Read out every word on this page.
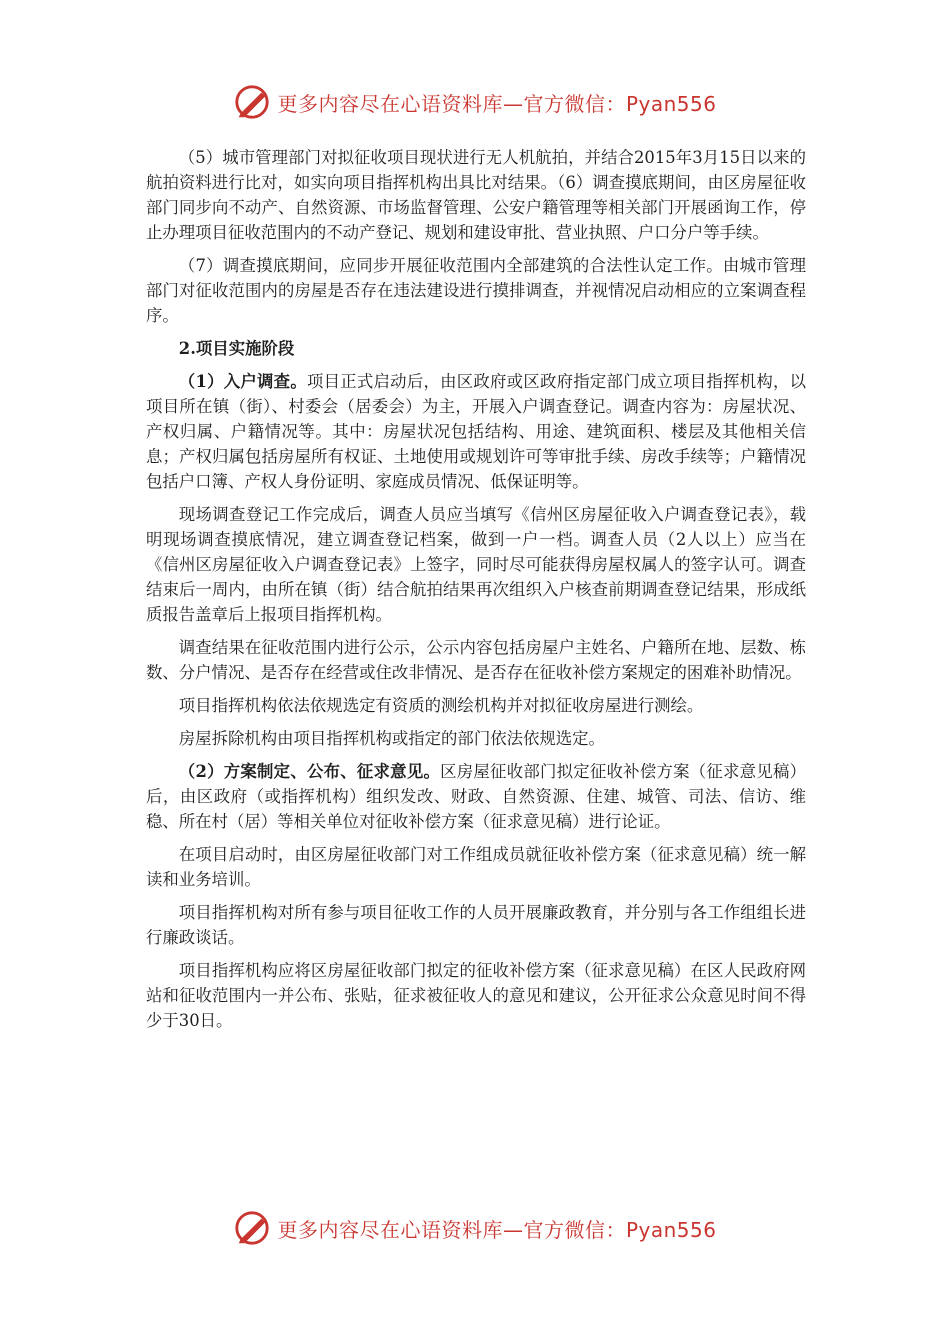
更多内容尽在心语资料库—官方微信：Pyan556

（5）城市管理部门对拟征收项目现状进行无人机航拍，并结合2015年3月15日以来的航拍资料进行比对，如实向项目指挥机构出具比对结果。（6）调查摸底期间，由区房屋征收部门同步向不动产、自然资源、市场监督管理、公安户籍管理等相关部门开展函询工作，停止办理项目征收范围内的不动产登记、规划和建设审批、营业执照、户口分户等手续。

（7）调查摸底期间，应同步开展征收范围内全部建筑的合法性认定工作。由城市管理部门对征收范围内的房屋是否存在违法建设进行摸排调查，并视情况启动相应的立案调查程序。

2.项目实施阶段

（1）入户调查。项目正式启动后，由区政府或区政府指定部门成立项目指挥机构，以项目所在镇（街）、村委会（居委会）为主，开展入户调查登记。调查内容为：房屋状况、产权归属、户籍情况等。其中：房屋状况包括结构、用途、建筑面积、楼层及其他相关信息；产权归属包括房屋所有权证、土地使用或规划许可等审批手续、房改手续等；户籍情况包括户口簿、产权人身份证明、家庭成员情况、低保证明等。

现场调查登记工作完成后，调查人员应当填写《信州区房屋征收入户调查登记表》，载明现场调查摸底情况，建立调查登记档案，做到一户一档。调查人员（2人以上）应当在《信州区房屋征收入户调查登记表》上签字，同时尽可能获得房屋权属人的签字认可。调查结束后一周内，由所在镇（街）结合航拍结果再次组织入户核查前期调查登记结果，形成纸质报告盖章后上报项目指挥机构。

调查结果在征收范围内进行公示，公示内容包括房屋户主姓名、户籍所在地、层数、栋数、分户情况、是否存在经营或住改非情况、是否存在征收补偿方案规定的困难补助情况。

项目指挥机构依法依规选定有资质的测绘机构并对拟征收房屋进行测绘。

房屋拆除机构由项目指挥机构或指定的部门依法依规选定。

（2）方案制定、公布、征求意见。区房屋征收部门拟定征收补偿方案（征求意见稿）后，由区政府（或指挥机构）组织发改、财政、自然资源、住建、城管、司法、信访、维稳、所在村（居）等相关单位对征收补偿方案（征求意见稿）进行论证。

在项目启动时，由区房屋征收部门对工作组成员就征收补偿方案（征求意见稿）统一解读和业务培训。

项目指挥机构对所有参与项目征收工作的人员开展廉政教育，并分别与各工作组组长进行廉政谈话。

项目指挥机构应将区房屋征收部门拟定的征收补偿方案（征求意见稿）在区人民政府网站和征收范围内一并公布、张贴，征求被征收人的意见和建议，公开征求公众意见时间不得少于30日。

更多内容尽在心语资料库—官方微信：Pyan556
